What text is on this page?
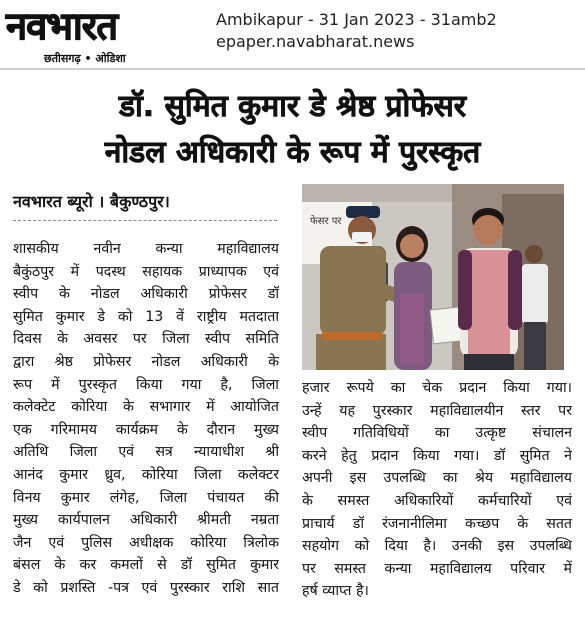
नवभारत
छतीसगढ़ • ओडिशा
Ambikapur - 31 Jan 2023 - 31amb2
epaper.navabharat.news
डॉ. सुमित कुमार डे श्रेष्ठ प्रोफेसर
नोडल अधिकारी के रूप में पुरस्कृत
नवभारत ब्यूरो । बैकुण्ठपुर।
शासकीय नवीन कन्या महाविद्यालय
बैकुंठपुर में पदस्थ सहायक प्राध्यापक एवं
स्वीप के नोडल अधिकारी प्रोफेसर डॉ
सुमित कुमार डे को 13 वें राष्ट्रीय मतदाता
दिवस के अवसर पर जिला स्वीप समिति
द्वारा श्रेष्ठ प्रोफेसर नोडल अधिकारी के
रूप में पुरस्कृत किया गया है, जिला
कलेक्टेट कोरिया के सभागार में आयोजित
एक गरिमामय कार्यक्रम के दौरान मुख्य
अतिथि जिला एवं सत्र न्यायाधीश श्री
आनंद कुमार ध्रुव, कोरिया जिला कलेक्टर
विनय कुमार लंगेह, जिला पंचायत की
मुख्य कार्यपालन अधिकारी श्रीमती नम्रता
जैन एवं पुलिस अधीक्षक कोरिया त्रिलोक
बंसल के कर कमलों से डॉ सुमित कुमार
डे को प्रशस्ति -पत्र एवं पुरस्कार राशि सात
फेसर पर
हजार रूपये का चेक प्रदान किया गया।
उन्हें यह पुरस्कार महाविद्यालयीन स्तर पर
स्वीप गतिविधियों का उत्कृष्ट संचालन
करने हेतु प्रदान किया गया। डॉ सुमित ने
अपनी इस उपलब्धि का श्रेय महाविद्यालय
के समस्त अधिकारियों कर्मचारियों एवं
प्राचार्य डॉ रंजनानीलिमा कच्छप के सतत
सहयोग को दिया है। उनकी इस उपलब्धि
पर समस्त कन्या महाविद्यालय परिवार में
हर्ष व्याप्त है।
